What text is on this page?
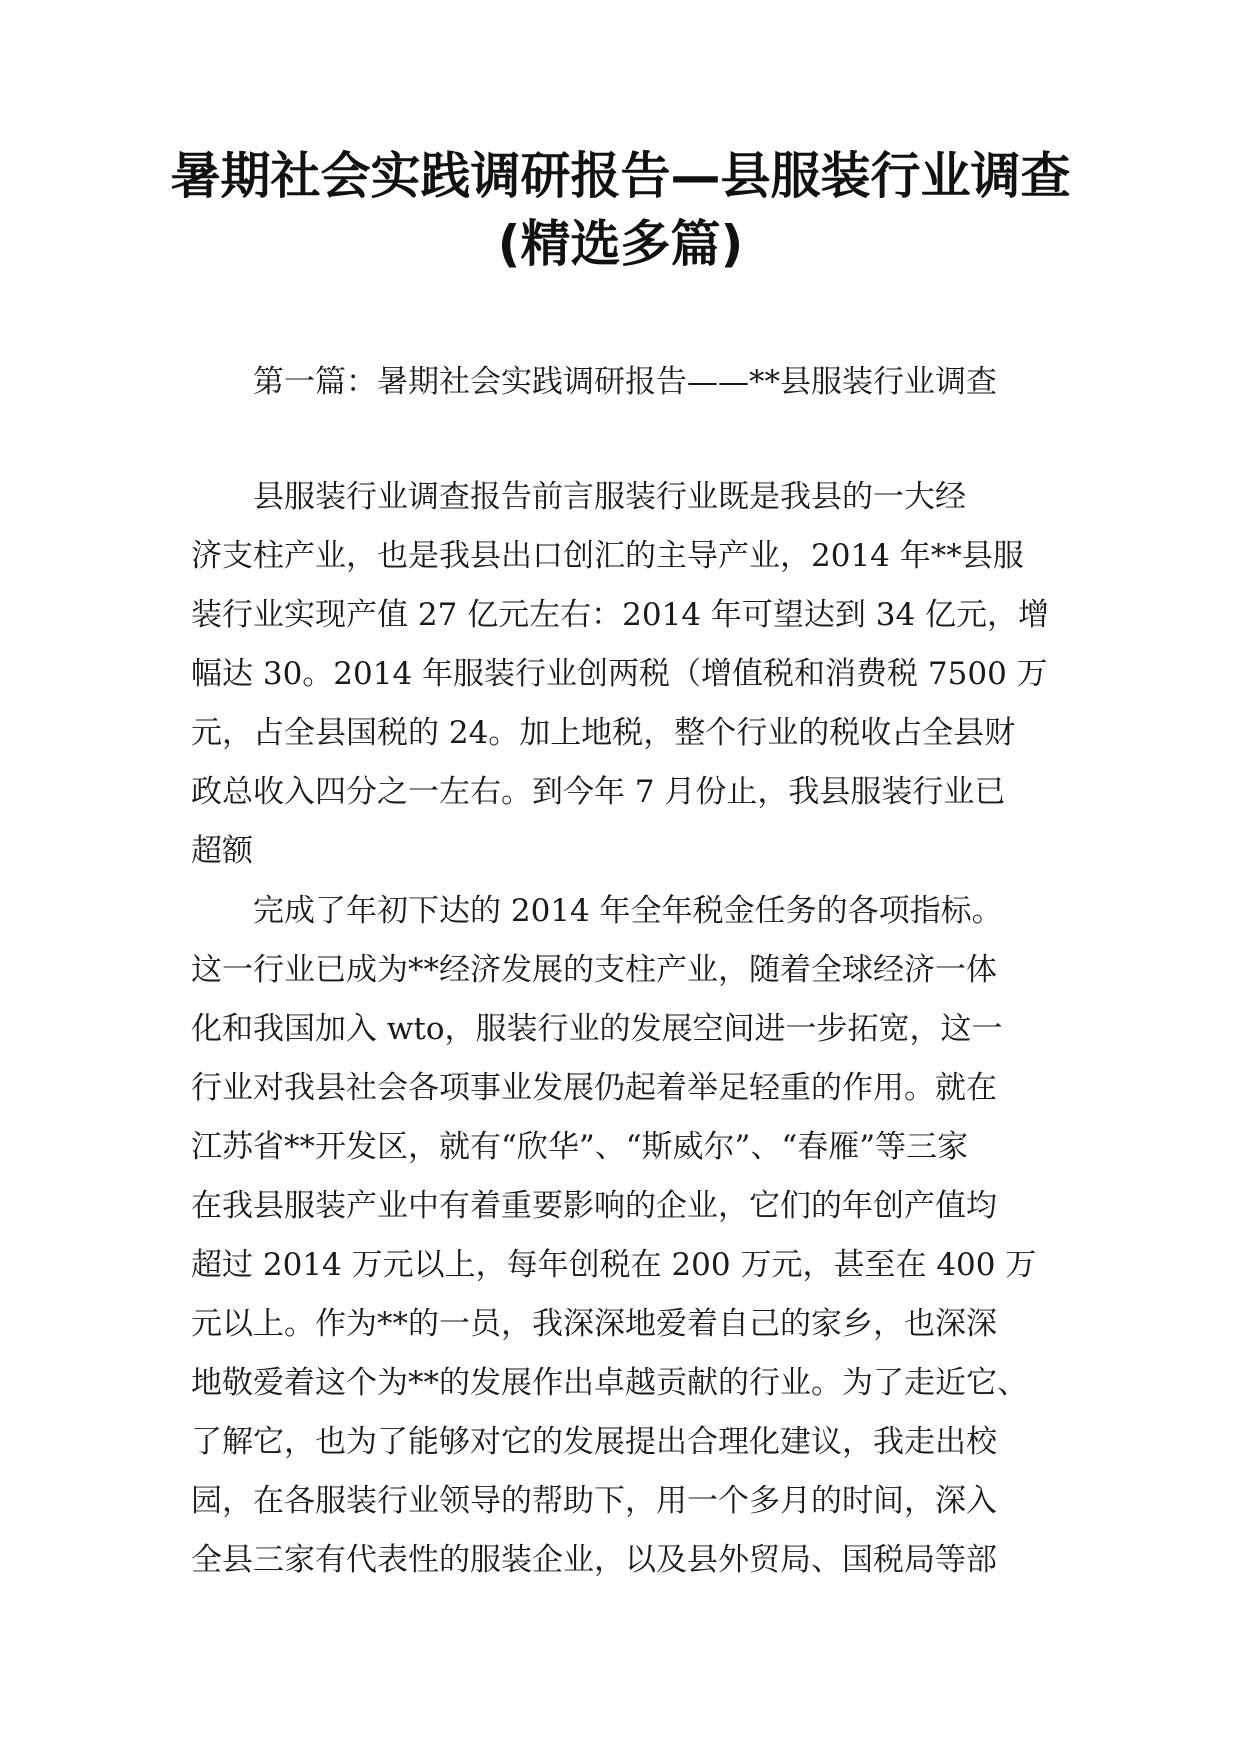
暑期社会实践调研报告—县服装行业调查
(精选多篇)
第一篇：暑期社会实践调研报告——**县服装行业调查
县服装行业调查报告前言服装行业既是我县的一大经
济支柱产业，也是我县出口创汇的主导产业，2014 年**县服
装行业实现产值 27 亿元左右：2014 年可望达到 34 亿元，增
幅达 30。2014 年服装行业创两税（增值税和消费税 7500 万
元，占全县国税的 24。加上地税，整个行业的税收占全县财
政总收入四分之一左右。到今年 7 月份止，我县服装行业已
超额
完成了年初下达的 2014 年全年税金任务的各项指标。
这一行业已成为**经济发展的支柱产业，随着全球经济一体
化和我国加入 wto，服装行业的发展空间进一步拓宽，这一
行业对我县社会各项事业发展仍起着举足轻重的作用。就在
江苏省**开发区，就有“欣华”、“斯威尔”、“春雁”等三家
在我县服装产业中有着重要影响的企业，它们的年创产值均
超过 2014 万元以上，每年创税在 200 万元，甚至在 400 万
元以上。作为**的一员，我深深地爱着自己的家乡，也深深
地敬爱着这个为**的发展作出卓越贡献的行业。为了走近它、
了解它，也为了能够对它的发展提出合理化建议，我走出校
园，在各服装行业领导的帮助下，用一个多月的时间，深入
全县三家有代表性的服装企业，以及县外贸局、国税局等部
